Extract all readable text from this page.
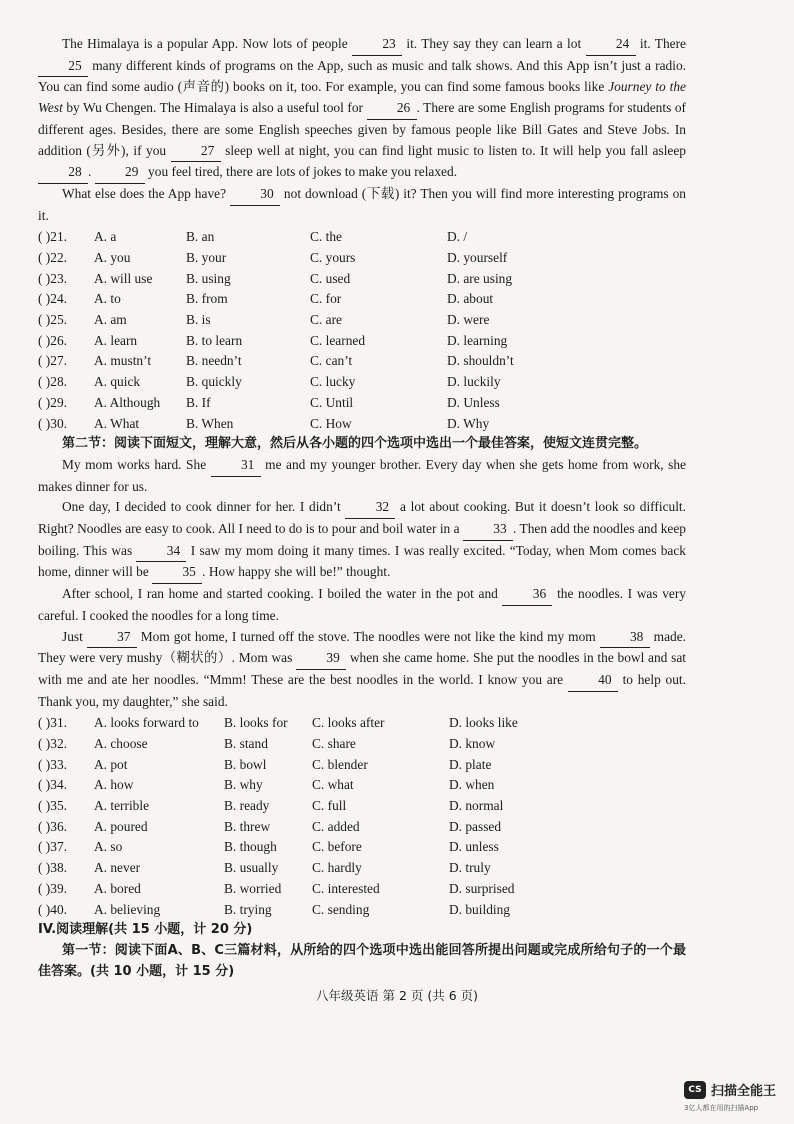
The Himalaya is a popular App. Now lots of people 23 it. They say they can learn a lot 24 it. There 25 many different kinds of programs on the App, such as music and talk shows. And this App isn’t just a radio. You can find some audio (声音的) books on it, too. For example, you can find some famous books like Journey to the West by Wu Chengen. The Himalaya is also a useful tool for 26 . There are some English programs for students of different ages. Besides, there are some English speeches given by famous people like Bill Gates and Steve Jobs. In addition (另外), if you 27 sleep well at night, you can find light music to listen to. It will help you fall asleep 28 . 29 you feel tired, there are lots of jokes to make you relaxed.

What else does the App have? 30 not download (下载) it? Then you will find more interesting programs on it.

( )21.	A. a	B. an	C. the	D. /
( )22.	A. you	B. your	C. yours	D. yourself
( )23.	A. will use	B. using	C. used	D. are using
( )24.	A. to	B. from	C. for	D. about
( )25.	A. am	B. is	C. are	D. were
( )26.	A. learn	B. to learn	C. learned	D. learning
( )27.	A. mustn’t	B. needn’t	C. can’t	D. shouldn’t
( )28.	A. quick	B. quickly	C. lucky	D. luckily
( )29.	A. Although	B. If	C. Until	D. Unless
( )30.	A. What	B. When	C. How	D. Why

第二节：阅读下面短文，理解大意，然后从各小题的四个选项中选出一个最佳答案，使短文连贯完整。

My mom works hard. She 31 me and my younger brother. Every day when she gets home from work, she makes dinner for us.

One day, I decided to cook dinner for her. I didn’t 32 a lot about cooking. But it doesn’t look so difficult. Right? Noodles are easy to cook. All I need to do is to pour and boil water in a 33 . Then add the noodles and keep boiling. This was 34 I saw my mom doing it many times. I was really excited. “Today, when Mom comes back home, dinner will be 35 . How happy she will be!” thought.

After school, I ran home and started cooking. I boiled the water in the pot and 36 the noodles. I was very careful. I cooked the noodles for a long time.

Just 37 Mom got home, I turned off the stove. The noodles were not like the kind my mom 38 made. They were very mushy（糊状的）. Mom was 39 when she came home. She put the noodles in the bowl and sat with me and ate her noodles. “Mmm! These are the best noodles in the world. I know you are 40 to help out. Thank you, my daughter,” she said.

( )31.	A. looks forward to	B. looks for	C. looks after	D. looks like
( )32.	A. choose	B. stand	C. share	D. know
( )33.	A. pot	B. bowl	C. blender	D. plate
( )34.	A. how	B. why	C. what	D. when
( )35.	A. terrible	B. ready	C. full	D. normal
( )36.	A. poured	B. threw	C. added	D. passed
( )37.	A. so	B. though	C. before	D. unless
( )38.	A. never	B. usually	C. hardly	D. truly
( )39.	A. bored	B. worried	C. interested	D. surprised
( )40.	A. believing	B. trying	C. sending	D. building

IV.阅读理解(共 15 小题，计 20 分)

第一节：阅读下面A、B、C三篇材料，从所给的四个选项中选出能回答所提出问题或完成所给句子的一个最佳答案。(共 10 小题，计 15 分)

八年级英语 第 2 页 (共 6 页)
CS 扫描全能王
3亿人都在用的扫描App
